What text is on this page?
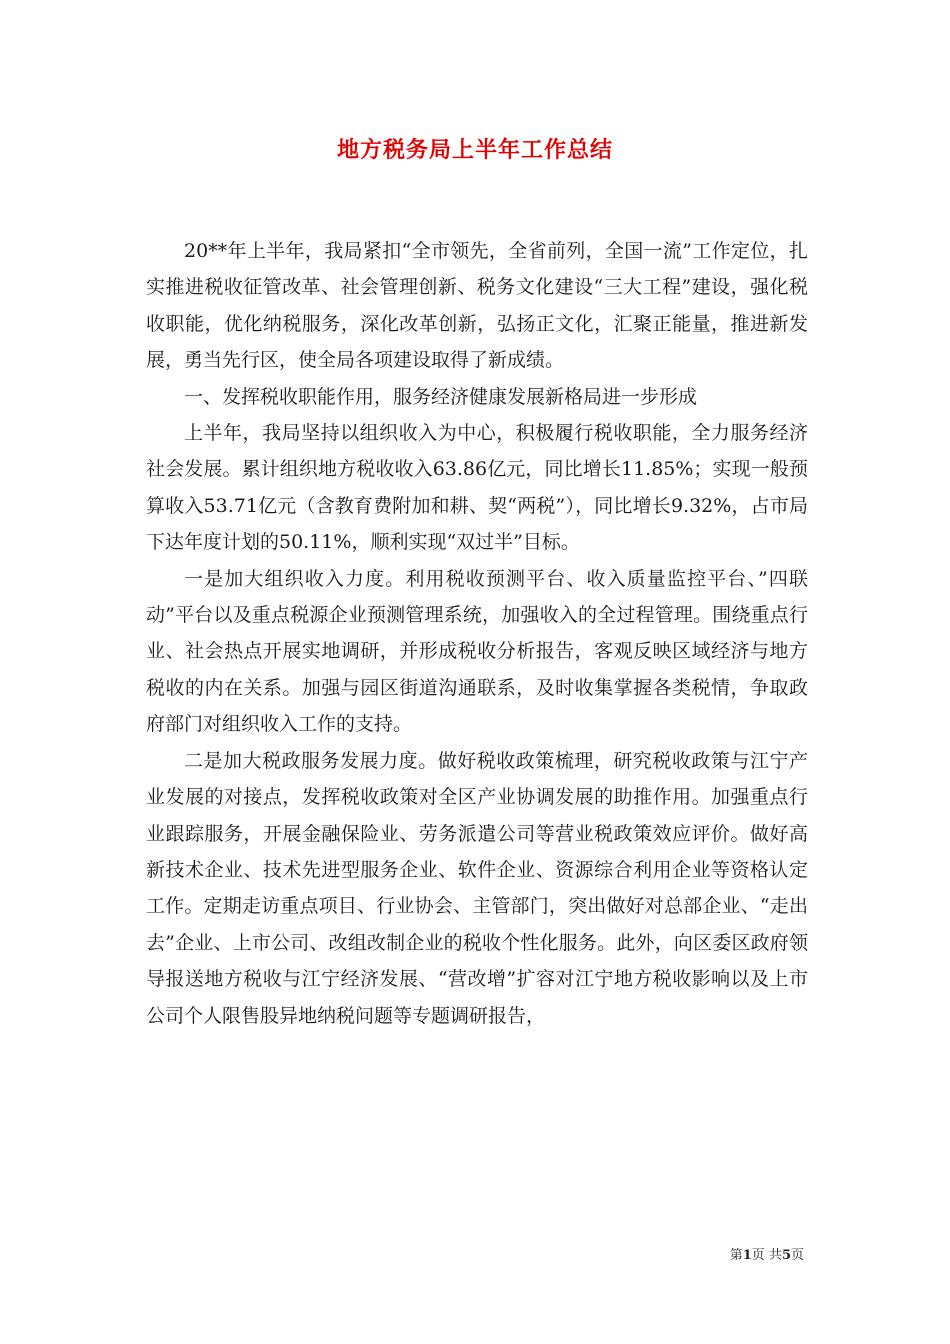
地方税务局上半年工作总结

20**年上半年，我局紧扣“全市领先，全省前列，全国一流”工作定位，扎实推进税收征管改革、社会管理创新、税务文化建设“三大工程”建设，强化税收职能，优化纳税服务，深化改革创新，弘扬正文化，汇聚正能量，推进新发展，勇当先行区，使全局各项建设取得了新成绩。

一、发挥税收职能作用，服务经济健康发展新格局进一步形成

上半年，我局坚持以组织收入为中心，积极履行税收职能，全力服务经济社会发展。累计组织地方税收收入63.86亿元，同比增长11.85%；实现一般预算收入53.71亿元（含教育费附加和耕、契“两税”），同比增长9.32%，占市局下达年度计划的50.11%，顺利实现“双过半”目标。

一是加大组织收入力度。利用税收预测平台、收入质量监控平台、”四联动”平台以及重点税源企业预测管理系统，加强收入的全过程管理。围绕重点行业、社会热点开展实地调研，并形成税收分析报告，客观反映区域经济与地方税收的内在关系。加强与园区街道沟通联系，及时收集掌握各类税情，争取政府部门对组织收入工作的支持。

二是加大税政服务发展力度。做好税收政策梳理，研究税收政策与江宁产业发展的对接点，发挥税收政策对全区产业协调发展的助推作用。加强重点行业跟踪服务，开展金融保险业、劳务派遣公司等营业税政策效应评价。做好高新技术企业、技术先进型服务企业、软件企业、资源综合利用企业等资格认定工作。定期走访重点项目、行业协会、主管部门，突出做好对总部企业、“走出去”企业、上市公司、改组改制企业的税收个性化服务。此外，向区委区政府领导报送地方税收与江宁经济发展、“营改增”扩容对江宁地方税收影响以及上市公司个人限售股异地纳税问题等专题调研报告，

第1页 共5页
